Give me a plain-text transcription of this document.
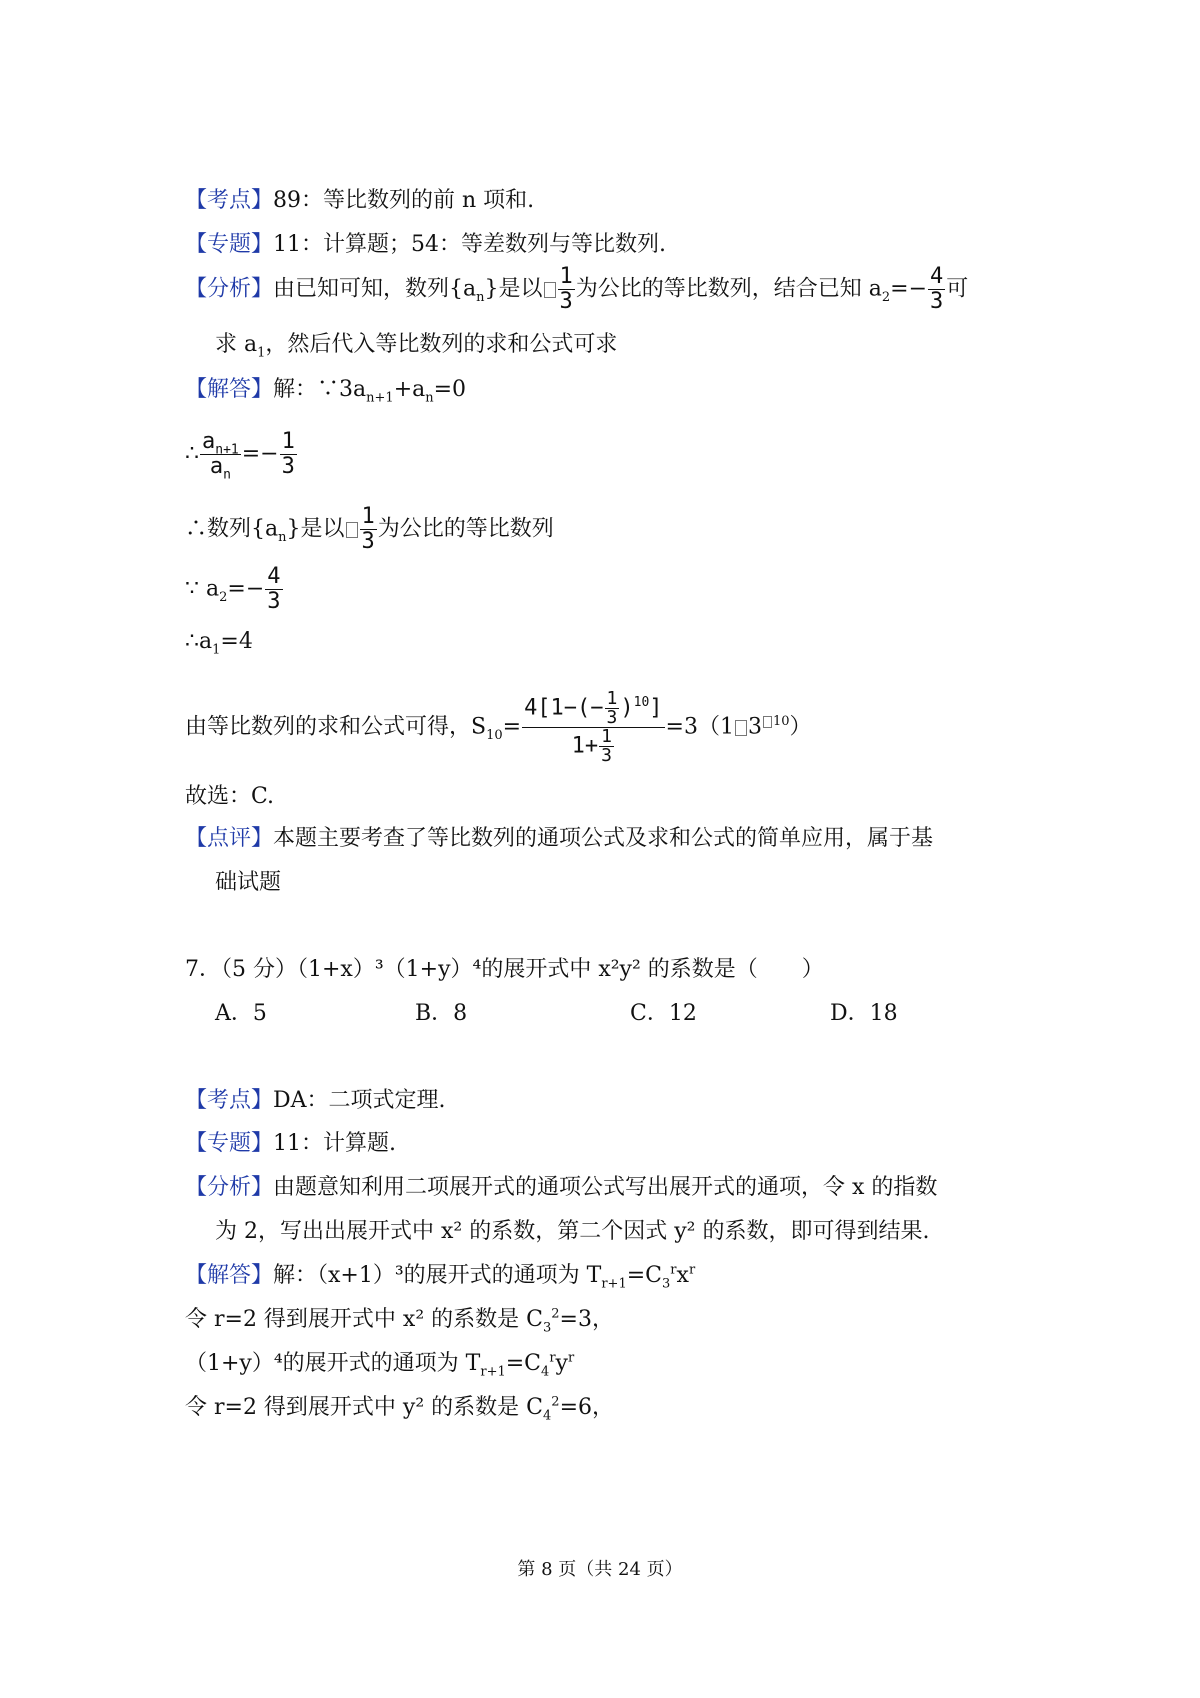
【考点】89：等比数列的前 n 项和.
【专题】11：计算题；54：等差数列与等比数列.
【分析】由已知可知，数列$\{a_n\}$是以 $\frac{1}{3}$ 为公比的等比数列，结合已知 $a_2=- \frac{4}{3}$ 可
求 $a_1$，然后代入等比数列的求和公式可求
【解答】解：$\because 3a_{n+1}+a_n=0$
∴ $\frac{a_{n+1}}{a_n} =- \frac{1}{3}$
∴数列$\{a_n\}$是以 $\frac{1}{3}$ 为公比的等比数列
∵ $a_2=- \frac{4}{3}$
$\therefore a_1=4$
由等比数列的求和公式可得，$S_{10}= \frac{4[1-(- \frac{1}{3} )^{10}]}{1+ \frac{1}{3}} =3(1$ 3 $^{10}$）
故选：C.
【点评】本题主要考查了等比数列的通项公式及求和公式的简单应用，属于基
础试题
7．（5 分）（1+x）³（1+y）⁴的展开式中 x²y² 的系数是（　　）
A．5	B．8	C．12	D．18
【考点】DA：二项式定理.
【专题】11：计算题.
【分析】由题意知利用二项展开式的通项公式写出展开式的通项，令 x 的指数
为 2，写出出展开式中 x² 的系数，第二个因式 y² 的系数，即可得到结果.
【解答】解：（x+1）³的展开式的通项为 $T_{r+1}=C_3^rx^r$
令 r=2 得到展开式中 x² 的系数是 $C_3^2=3$，
（1+y）⁴的展开式的通项为 $T_{r+1}=C_4^ry^r$
令 r=2 得到展开式中 y² 的系数是 $C_4^2=6$，
第 8 页（共 24 页）
